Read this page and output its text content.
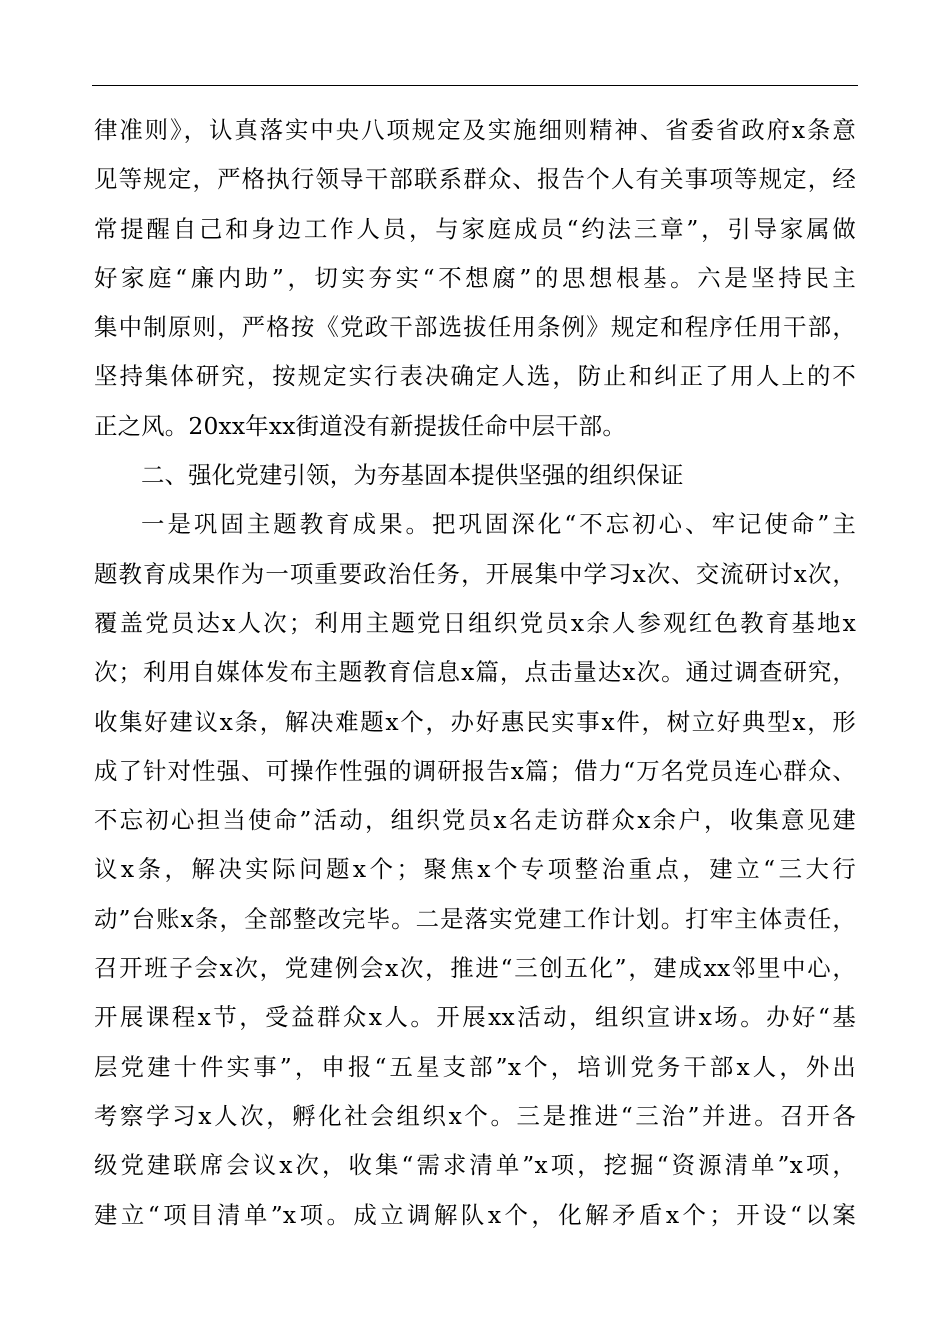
律准则》，认真落实中央八项规定及实施细则精神、省委省政府x条意
见等规定，严格执行领导干部联系群众、报告个人有关事项等规定，经
常提醒自己和身边工作人员，与家庭成员“约法三章”，引导家属做
好家庭“廉内助”，切实夯实“不想腐”的思想根基。六是坚持民主
集中制原则，严格按《党政干部选拔任用条例》规定和程序任用干部，
坚持集体研究，按规定实行表决确定人选，防止和纠正了用人上的不
正之风。20xx年xx街道没有新提拔任命中层干部。
二、强化党建引领，为夯基固本提供坚强的组织保证
一是巩固主题教育成果。把巩固深化“不忘初心、牢记使命”主
题教育成果作为一项重要政治任务，开展集中学习x次、交流研讨x次，
覆盖党员达x人次；利用主题党日组织党员x余人参观红色教育基地x
次；利用自媒体发布主题教育信息x篇，点击量达x次。通过调查研究，
收集好建议x条，解决难题x个，办好惠民实事x件，树立好典型x，形
成了针对性强、可操作性强的调研报告x篇；借力“万名党员连心群众、
不忘初心担当使命”活动，组织党员x名走访群众x余户，收集意见建
议x条，解决实际问题x个；聚焦x个专项整治重点，建立“三大行
动”台账x条，全部整改完毕。二是落实党建工作计划。打牢主体责任，
召开班子会x次，党建例会x次，推进“三创五化”，建成xx邻里中心，
开展课程x节，受益群众x人。开展xx活动，组织宣讲x场。办好“基
层党建十件实事”，申报“五星支部”x个，培训党务干部x人，外出
考察学习x人次，孵化社会组织x个。三是推进“三治”并进。召开各
级党建联席会议x次，收集“需求清单”x项，挖掘“资源清单”x项，
建立“项目清单”x项。成立调解队x个，化解矛盾x个；开设“以案
